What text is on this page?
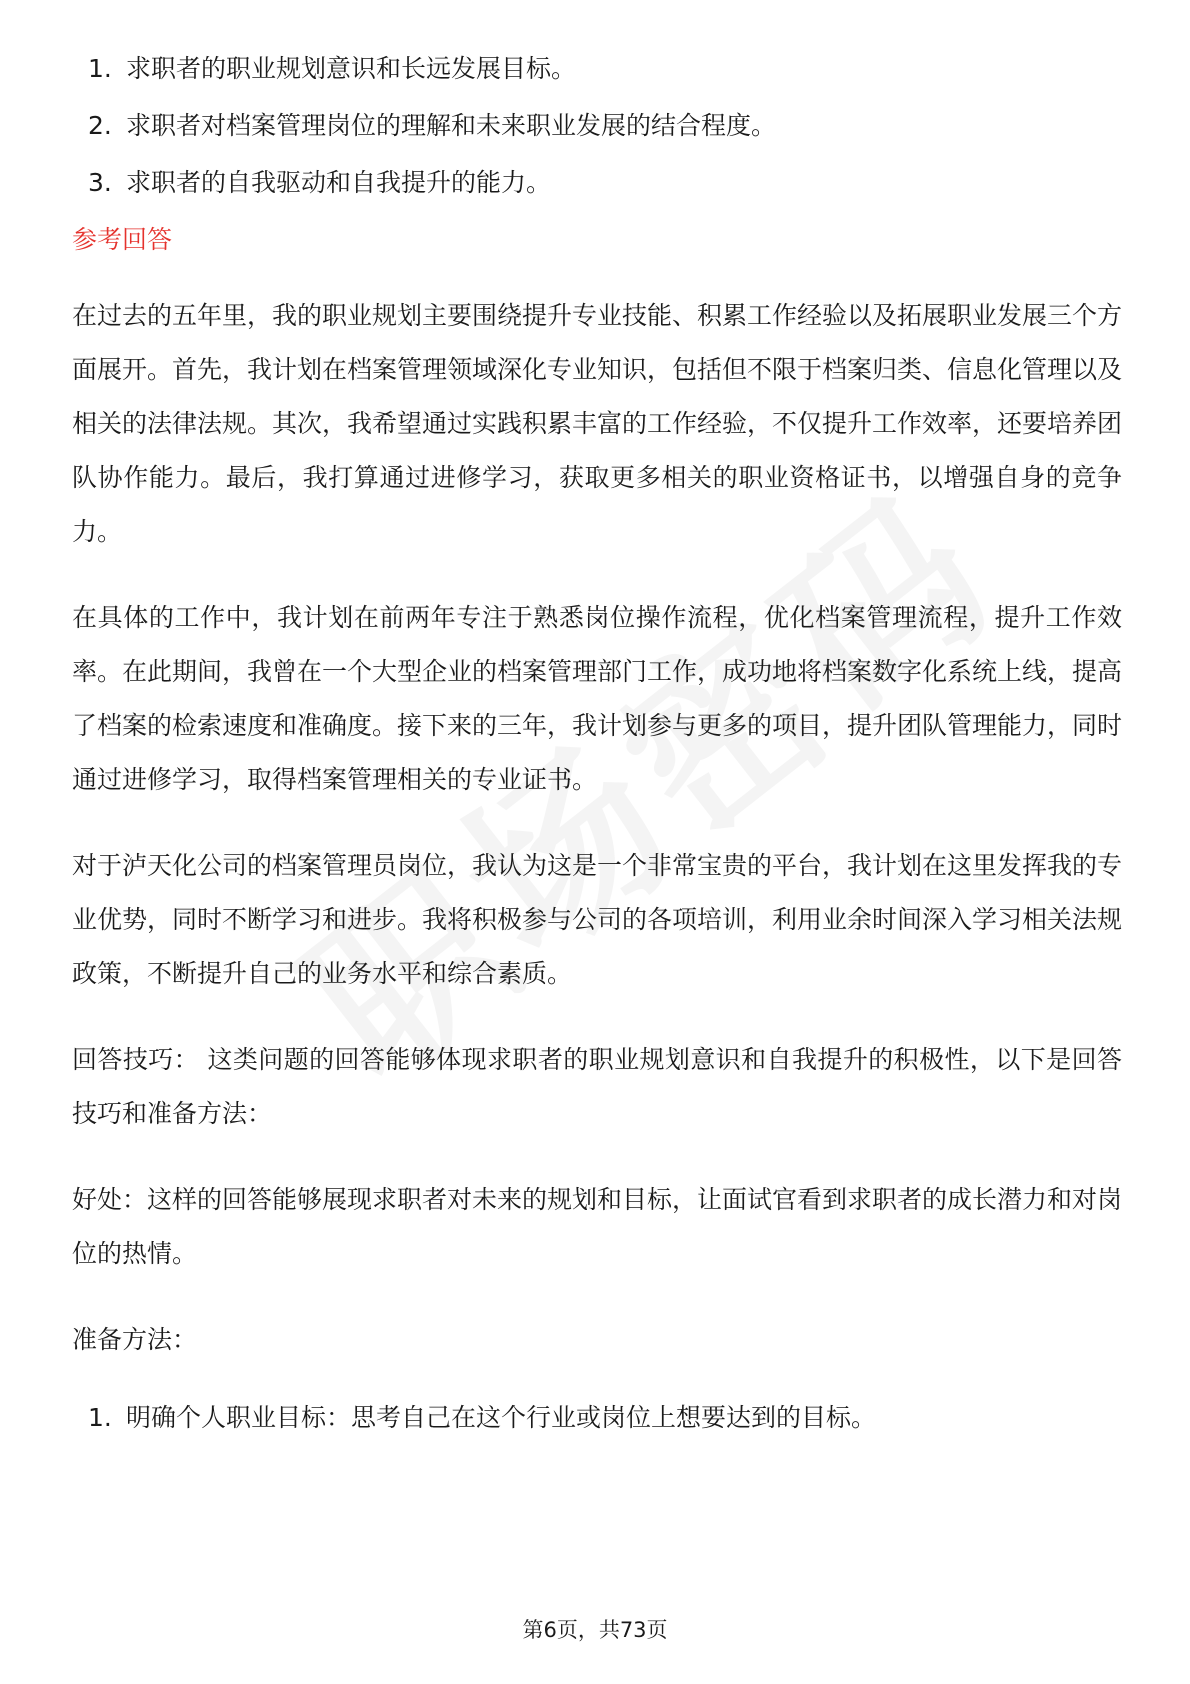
1. 求职者的职业规划意识和长远发展目标。
2. 求职者对档案管理岗位的理解和未来职业发展的结合程度。
3. 求职者的自我驱动和自我提升的能力。
参考回答

在过去的五年里，我的职业规划主要围绕提升专业技能、积累工作经验以及拓展职业发展三个方面展开。首先，我计划在档案管理领域深化专业知识，包括但不限于档案归类、信息化管理以及相关的法律法规。其次，我希望通过实践积累丰富的工作经验，不仅提升工作效率，还要培养团队协作能力。最后，我打算通过进修学习，获取更多相关的职业资格证书，以增强自身的竞争力。

在具体的工作中，我计划在前两年专注于熟悉岗位操作流程，优化档案管理流程，提升工作效率。在此期间，我曾在一个大型企业的档案管理部门工作，成功地将档案数字化系统上线，提高了档案的检索速度和准确度。接下来的三年，我计划参与更多的项目，提升团队管理能力，同时通过进修学习，取得档案管理相关的专业证书。

对于泸天化公司的档案管理员岗位，我认为这是一个非常宝贵的平台，我计划在这里发挥我的专业优势，同时不断学习和进步。我将积极参与公司的各项培训，利用业余时间深入学习相关法规政策，不断提升自己的业务水平和综合素质。

回答技巧： 这类问题的回答能够体现求职者的职业规划意识和自我提升的积极性，以下是回答技巧和准备方法：

好处：这样的回答能够展现求职者对未来的规划和目标，让面试官看到求职者的成长潜力和对岗位的热情。

准备方法：

1. 明确个人职业目标：思考自己在这个行业或岗位上想要达到的目标。
第6页，共73页
